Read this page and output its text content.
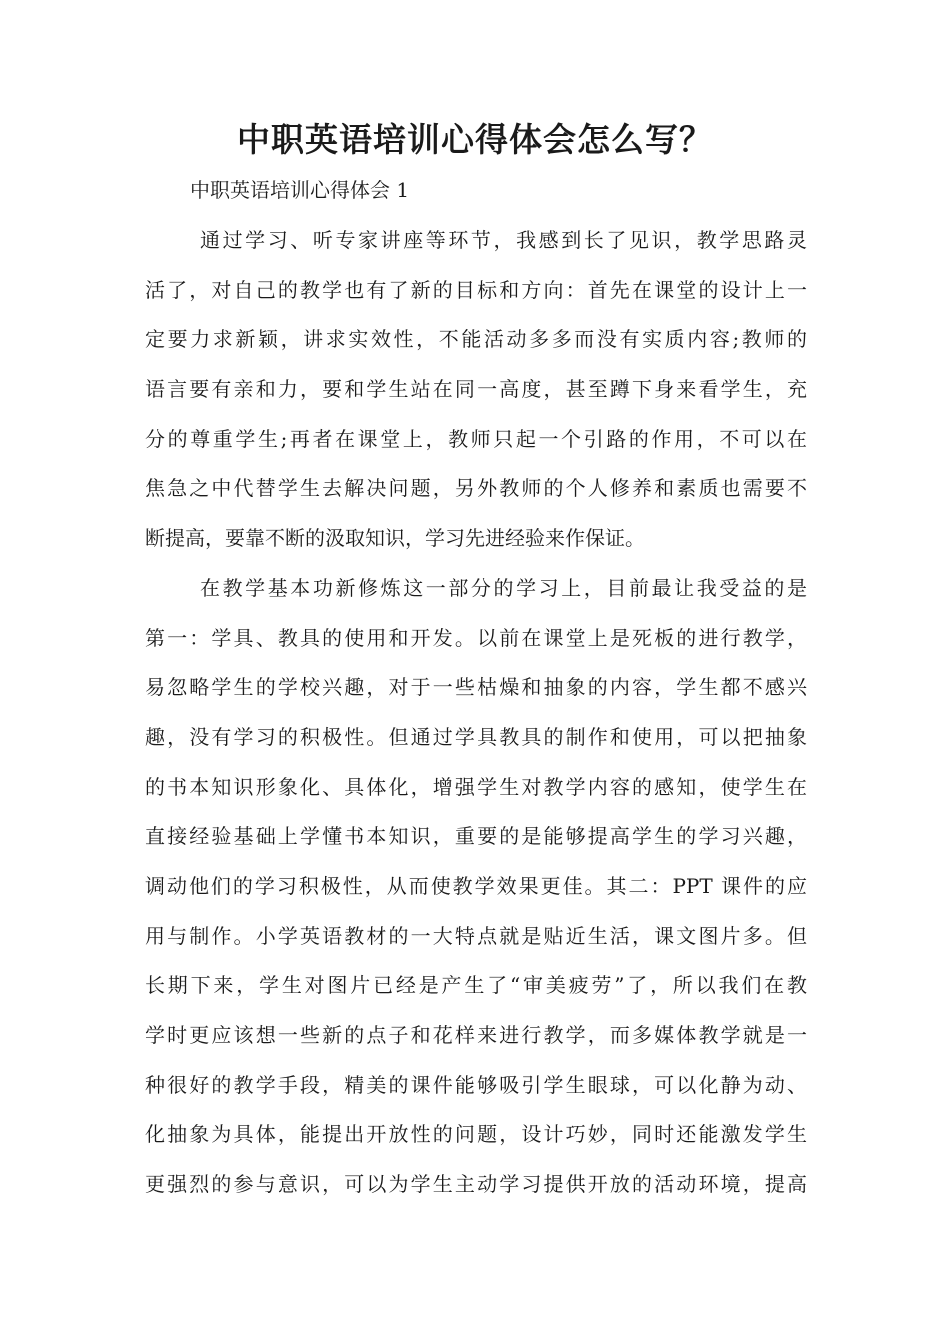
中职英语培训心得体会怎么写？
中职英语培训心得体会 1
通过学习、听专家讲座等环节，我感到长了见识，教学思路灵
活了，对自己的教学也有了新的目标和方向：首先在课堂的设计上一
定要力求新颖，讲求实效性，不能活动多多而没有实质内容;教师的
语言要有亲和力，要和学生站在同一高度，甚至蹲下身来看学生，充
分的尊重学生;再者在课堂上，教师只起一个引路的作用，不可以在
焦急之中代替学生去解决问题，另外教师的个人修养和素质也需要不
断提高，要靠不断的汲取知识，学习先进经验来作保证。
在教学基本功新修炼这一部分的学习上，目前最让我受益的是
第一：学具、教具的使用和开发。以前在课堂上是死板的进行教学，
易忽略学生的学校兴趣，对于一些枯燥和抽象的内容，学生都不感兴
趣，没有学习的积极性。但通过学具教具的制作和使用，可以把抽象
的书本知识形象化、具体化，增强学生对教学内容的感知，使学生在
直接经验基础上学懂书本知识，重要的是能够提高学生的学习兴趣，
调动他们的学习积极性，从而使教学效果更佳。其二：PPT 课件的应
用与制作。小学英语教材的一大特点就是贴近生活，课文图片多。但
长期下来，学生对图片已经是产生了“审美疲劳”了，所以我们在教
学时更应该想一些新的点子和花样来进行教学，而多媒体教学就是一
种很好的教学手段，精美的课件能够吸引学生眼球，可以化静为动、
化抽象为具体，能提出开放性的问题，设计巧妙，同时还能激发学生
更强烈的参与意识，可以为学生主动学习提供开放的活动环境，提高
